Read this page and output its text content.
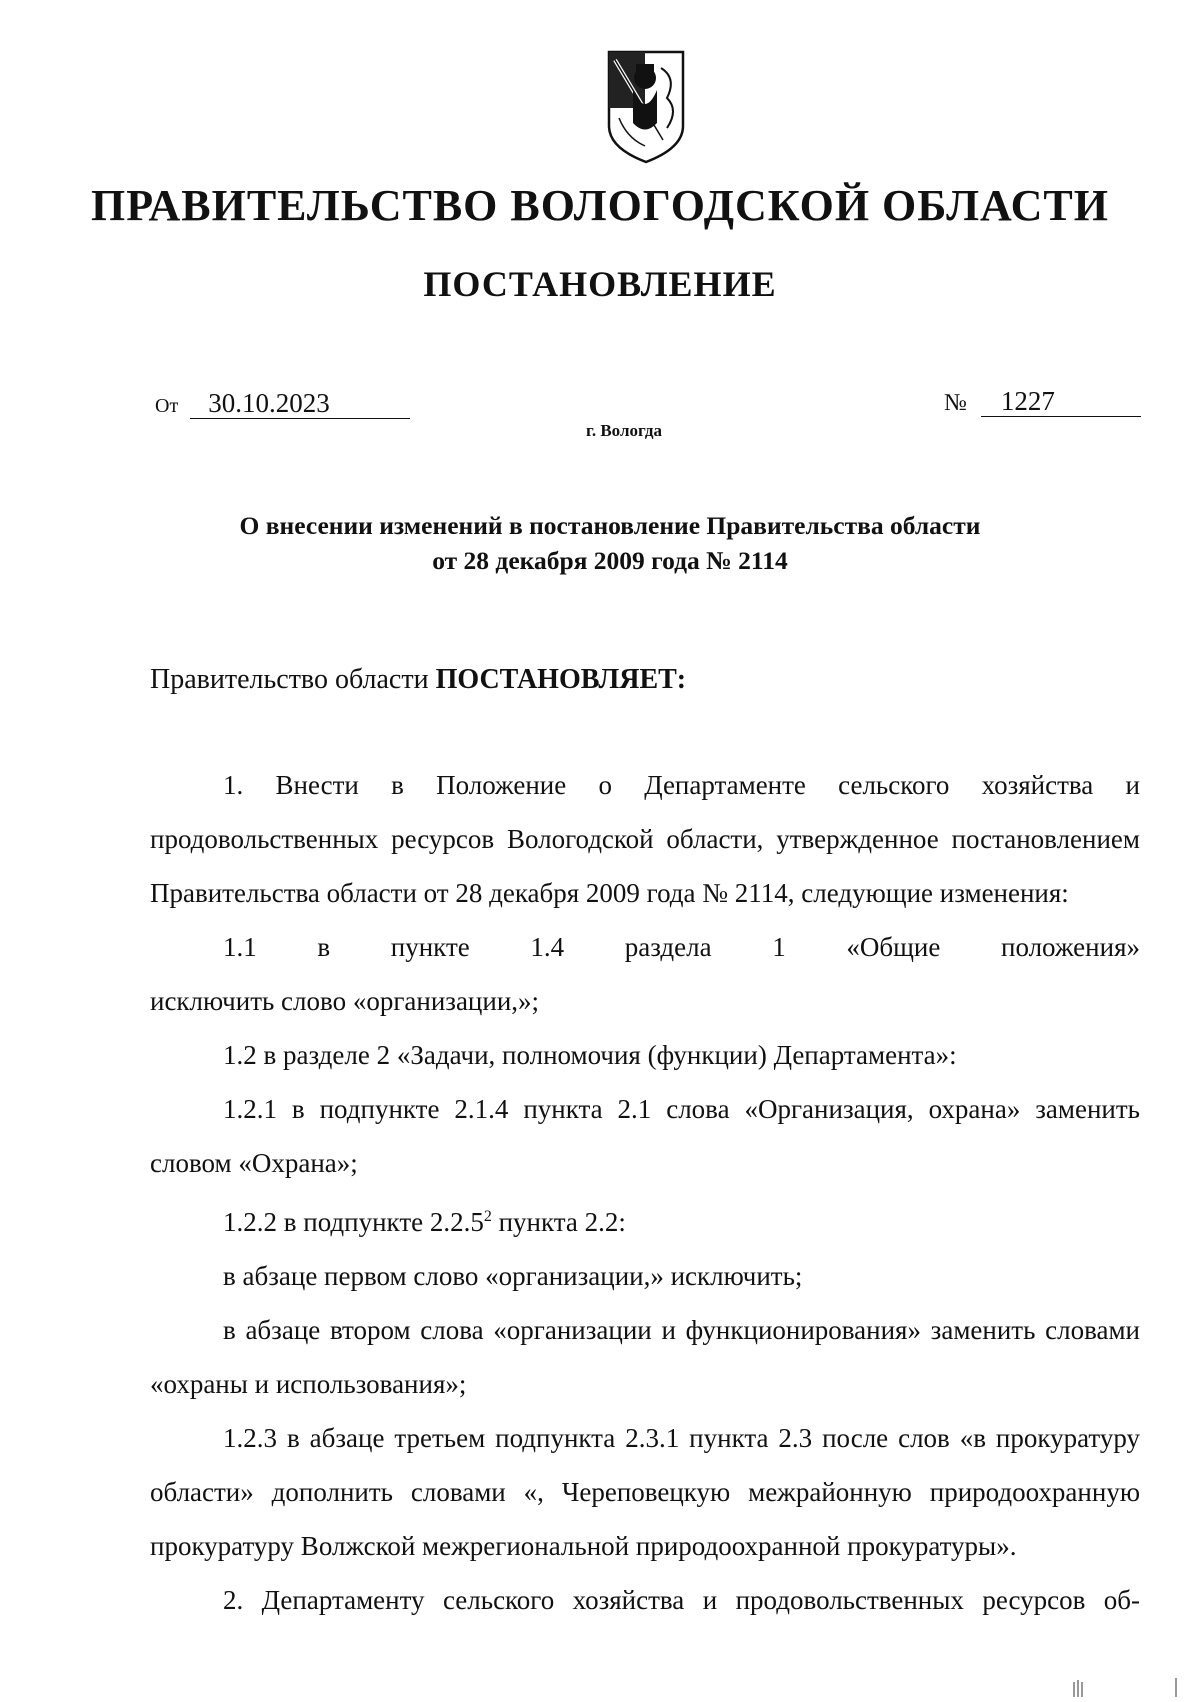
ПРАВИТЕЛЬСТВО ВОЛОГОДСКОЙ ОБЛАСТИ
ПОСТАНОВЛЕНИЕ
От 30.10.2023	№ 1227
г. Вологда
О внесении изменений в постановление Правительства области
от 28 декабря 2009 года № 2114
Правительство области ПОСТАНОВЛЯЕТ:

1. Внести в Положение о Департаменте сельского хозяйства и продовольственных ресурсов Вологодской области, утвержденное постановлением Правительства области от 28 декабря 2009 года № 2114, следующие изменения:

1.1 в пункте 1.4 раздела 1 «Общие положения»

исключить слово «организации,»;

1.2 в разделе 2 «Задачи, полномочия (функции) Департамента»:

1.2.1 в подпункте 2.1.4 пункта 2.1 слова «Организация, охрана» заменить словом «Охрана»;

1.2.2 в подпункте 2.2.5$^2$ пункта 2.2:

в абзаце первом слово «организации,» исключить;

в абзаце втором слова «организации и функционирования» заменить словами «охраны и использования»;

1.2.3 в абзаце третьем подпункта 2.3.1 пункта 2.3 после слов «в прокуратуру области» дополнить словами «, Череповецкую межрайонную природоохранную прокуратуру Волжской межрегиональной природоохранной прокуратуры».

2. Департаменту сельского хозяйства и продовольственных ресурсов об-
